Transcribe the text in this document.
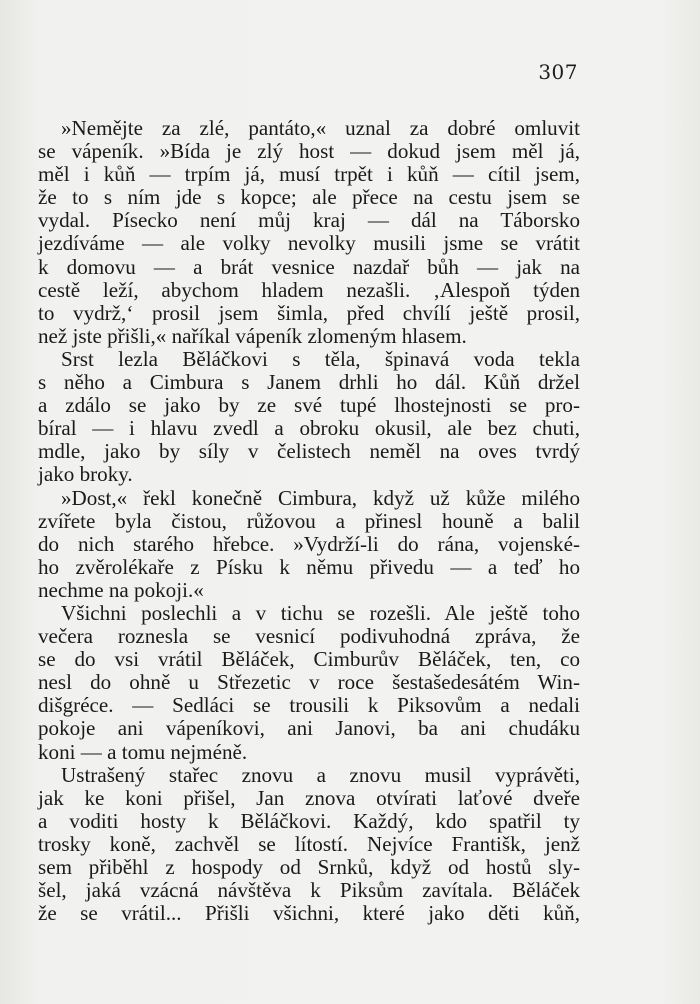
307
»Nemějte za zlé, pantáto,« uznal za dobré omluvit
se vápeník. »Bída je zlý host — dokud jsem měl já,
měl i kůň — trpím já, musí trpět i kůň — cítil jsem,
že to s ním jde s kopce; ale přece na cestu jsem se
vydal. Písecko není můj kraj — dál na Táborsko
jezdíváme — ale volky nevolky musili jsme se vrátit
k domovu — a brát vesnice nazdař bůh — jak na
cestě leží, abychom hladem nezašli. ‚Alespoň týden
to vydrž,‘ prosil jsem šimla, před chvílí ještě prosil,
než jste přišli,« naříkal vápeník zlomeným hlasem.
Srst lezla Běláčkovi s těla, špinavá voda tekla
s něho a Cimbura s Janem drhli ho dál. Kůň držel
a zdálo se jako by ze své tupé lhostejnosti se pro-
bíral — i hlavu zvedl a obroku okusil, ale bez chuti,
mdle, jako by síly v čelistech neměl na oves tvrdý
jako broky.
»Dost,« řekl konečně Cimbura, když už kůže milého
zvířete byla čistou, růžovou a přinesl houně a balil
do nich starého hřebce. »Vydrží-li do rána, vojenské-
ho zvěrolékaře z Písku k němu přivedu — a teď ho
nechme na pokoji.«
Všichni poslechli a v tichu se rozešli. Ale ještě toho
večera roznesla se vesnicí podivuhodná zpráva, že
se do vsi vrátil Běláček, Cimburův Běláček, ten, co
nesl do ohně u Střezetic v roce šestašedesátém Win-
dišgréce. — Sedláci se trousili k Piksovům a nedali
pokoje ani vápeníkovi, ani Janovi, ba ani chudáku
koni — a tomu nejméně.
Ustrašený stařec znovu a znovu musil vyprávěti,
jak ke koni přišel, Jan znova otvírati laťové dveře
a voditi hosty k Běláčkovi. Každý, kdo spatřil ty
trosky koně, zachvěl se lítostí. Nejvíce Františk, jenž
sem přiběhl z hospody od Srnků, když od hostů sly-
šel, jaká vzácná návštěva k Piksům zavítala. Běláček
že se vrátil... Přišli všichni, které jako děti kůň,
